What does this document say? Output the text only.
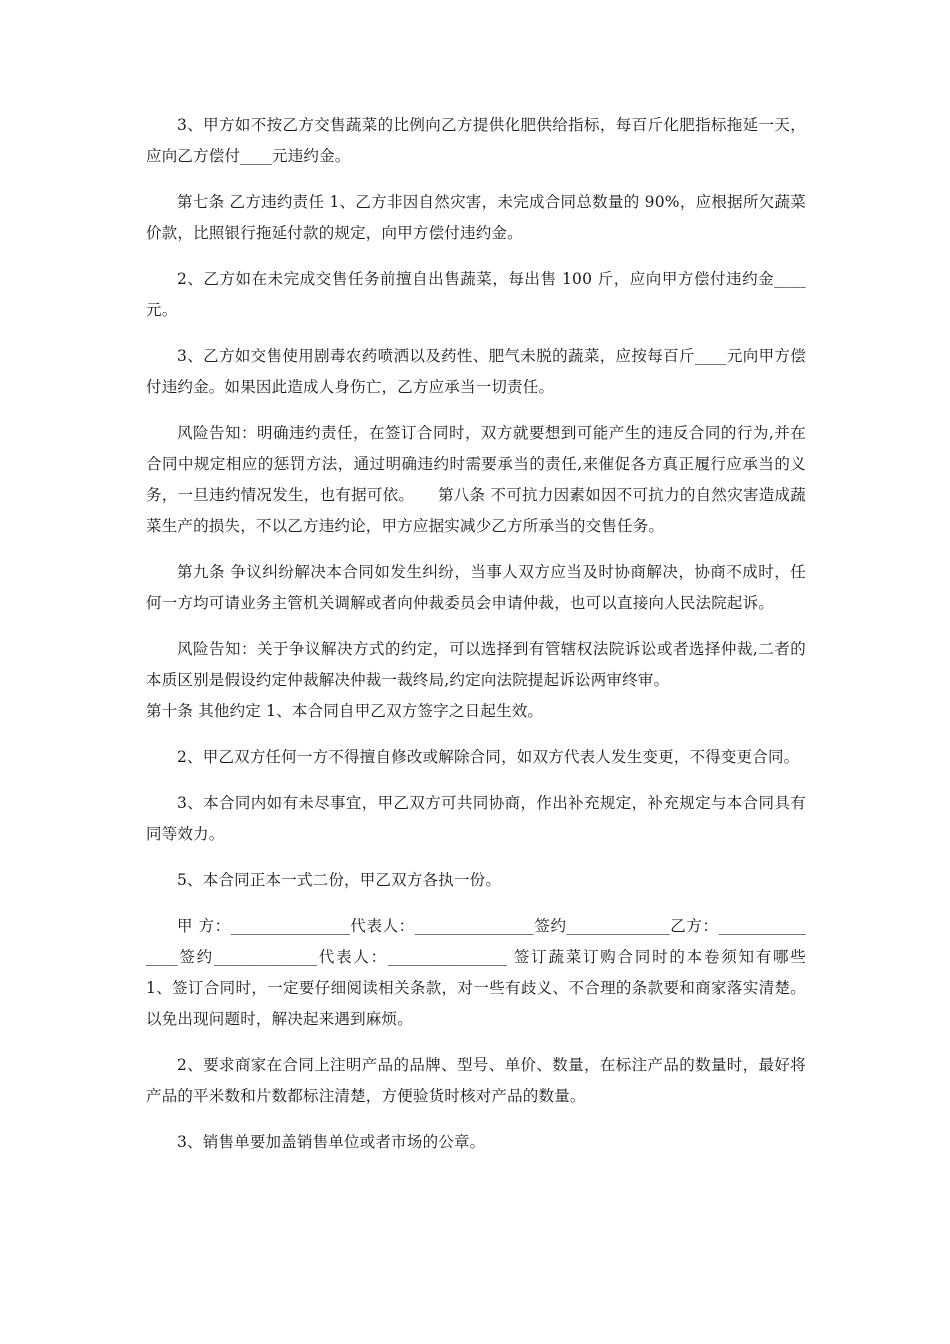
3、甲方如不按乙方交售蔬菜的比例向乙方提供化肥供给指标，每百斤化肥指标拖延一天，应向乙方偿付____元违约金。

第七条 乙方违约责任 1、乙方非因自然灾害，未完成合同总数量的 90%，应根据所欠蔬菜价款，比照银行拖延付款的规定，向甲方偿付违约金。

2、乙方如在未完成交售任务前擅自出售蔬菜，每出售 100 斤，应向甲方偿付违约金____元。

3、乙方如交售使用剧毒农药喷洒以及药性、肥气未脱的蔬菜，应按每百斤____元向甲方偿付违约金。如果因此造成人身伤亡，乙方应承当一切责任。

风险告知：明确违约责任，在签订合同时，双方就要想到可能产生的违反合同的行为,并在合同中规定相应的惩罚方法，通过明确违约时需要承当的责任,来催促各方真正履行应承当的义务，一旦违约情况发生，也有据可依。　　第八条 不可抗力因素如因不可抗力的自然灾害造成蔬菜生产的损失，不以乙方违约论，甲方应据实减少乙方所承当的交售任务。

第九条 争议纠纷解决本合同如发生纠纷，当事人双方应当及时协商解决，协商不成时，任何一方均可请业务主管机关调解或者向仲裁委员会申请仲裁，也可以直接向人民法院起诉。

风险告知：关于争议解决方式的约定，可以选择到有管辖权法院诉讼或者选择仲裁,二者的本质区别是假设约定仲裁解决仲裁一裁终局,约定向法院提起诉讼两审终审。

第十条 其他约定 1、本合同自甲乙双方签字之日起生效。

2、甲乙双方任何一方不得擅自修改或解除合同，如双方代表人发生变更，不得变更合同。

3、本合同内如有未尽事宜，甲乙双方可共同协商，作出补充规定，补充规定与本合同具有同等效力。

5、本合同正本一式二份，甲乙双方各执一份。

甲 方：_______________代表人：_______________签约_____________乙方：_______________签约_____________代表人：_______________ 签订蔬菜订购合同时的本卷须知有哪些　　1、签订合同时，一定要仔细阅读相关条款，对一些有歧义、不合理的条款要和商家落实清楚。以免出现问题时，解决起来遇到麻烦。

2、要求商家在合同上注明产品的品牌、型号、单价、数量，在标注产品的数量时，最好将产品的平米数和片数都标注清楚，方便验货时核对产品的数量。

3、销售单要加盖销售单位或者市场的公章。
